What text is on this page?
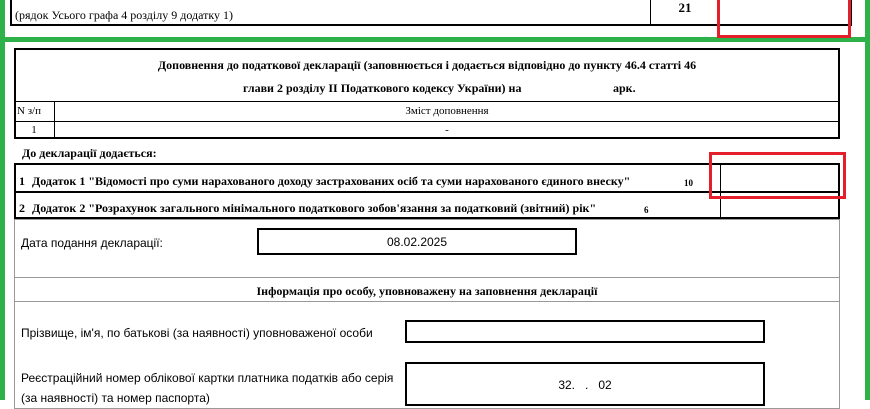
(рядок Усього графа 4 розділу 9 додатку 1)	21
Доповнення до податкової декларації (заповнюється і додається відповідно до пункту 46.4 статті 46
глави 2 розділу II Податкового кодексу України) на	арк.
N з/п	Зміст доповнення
1	-
До декларації додається:
1 Додаток 1 "Відомості про суми нарахованого доходу застрахованих осіб та суми нарахованого єдиного внеску"	10
2 Додаток 2 "Розрахунок загального мінімального податкового зобов'язання за податковий (звітний) рік"	6
Дата подання декларації:	08.02.2025
Інформація про особу, уповноважену на заповнення декларації
Прізвище, ім'я, по батькові (за наявності) уповноваженої особи
Реєстраційний номер облікової картки платника податків або серія
(за наявності) та номер паспорта)
32.   .   02
